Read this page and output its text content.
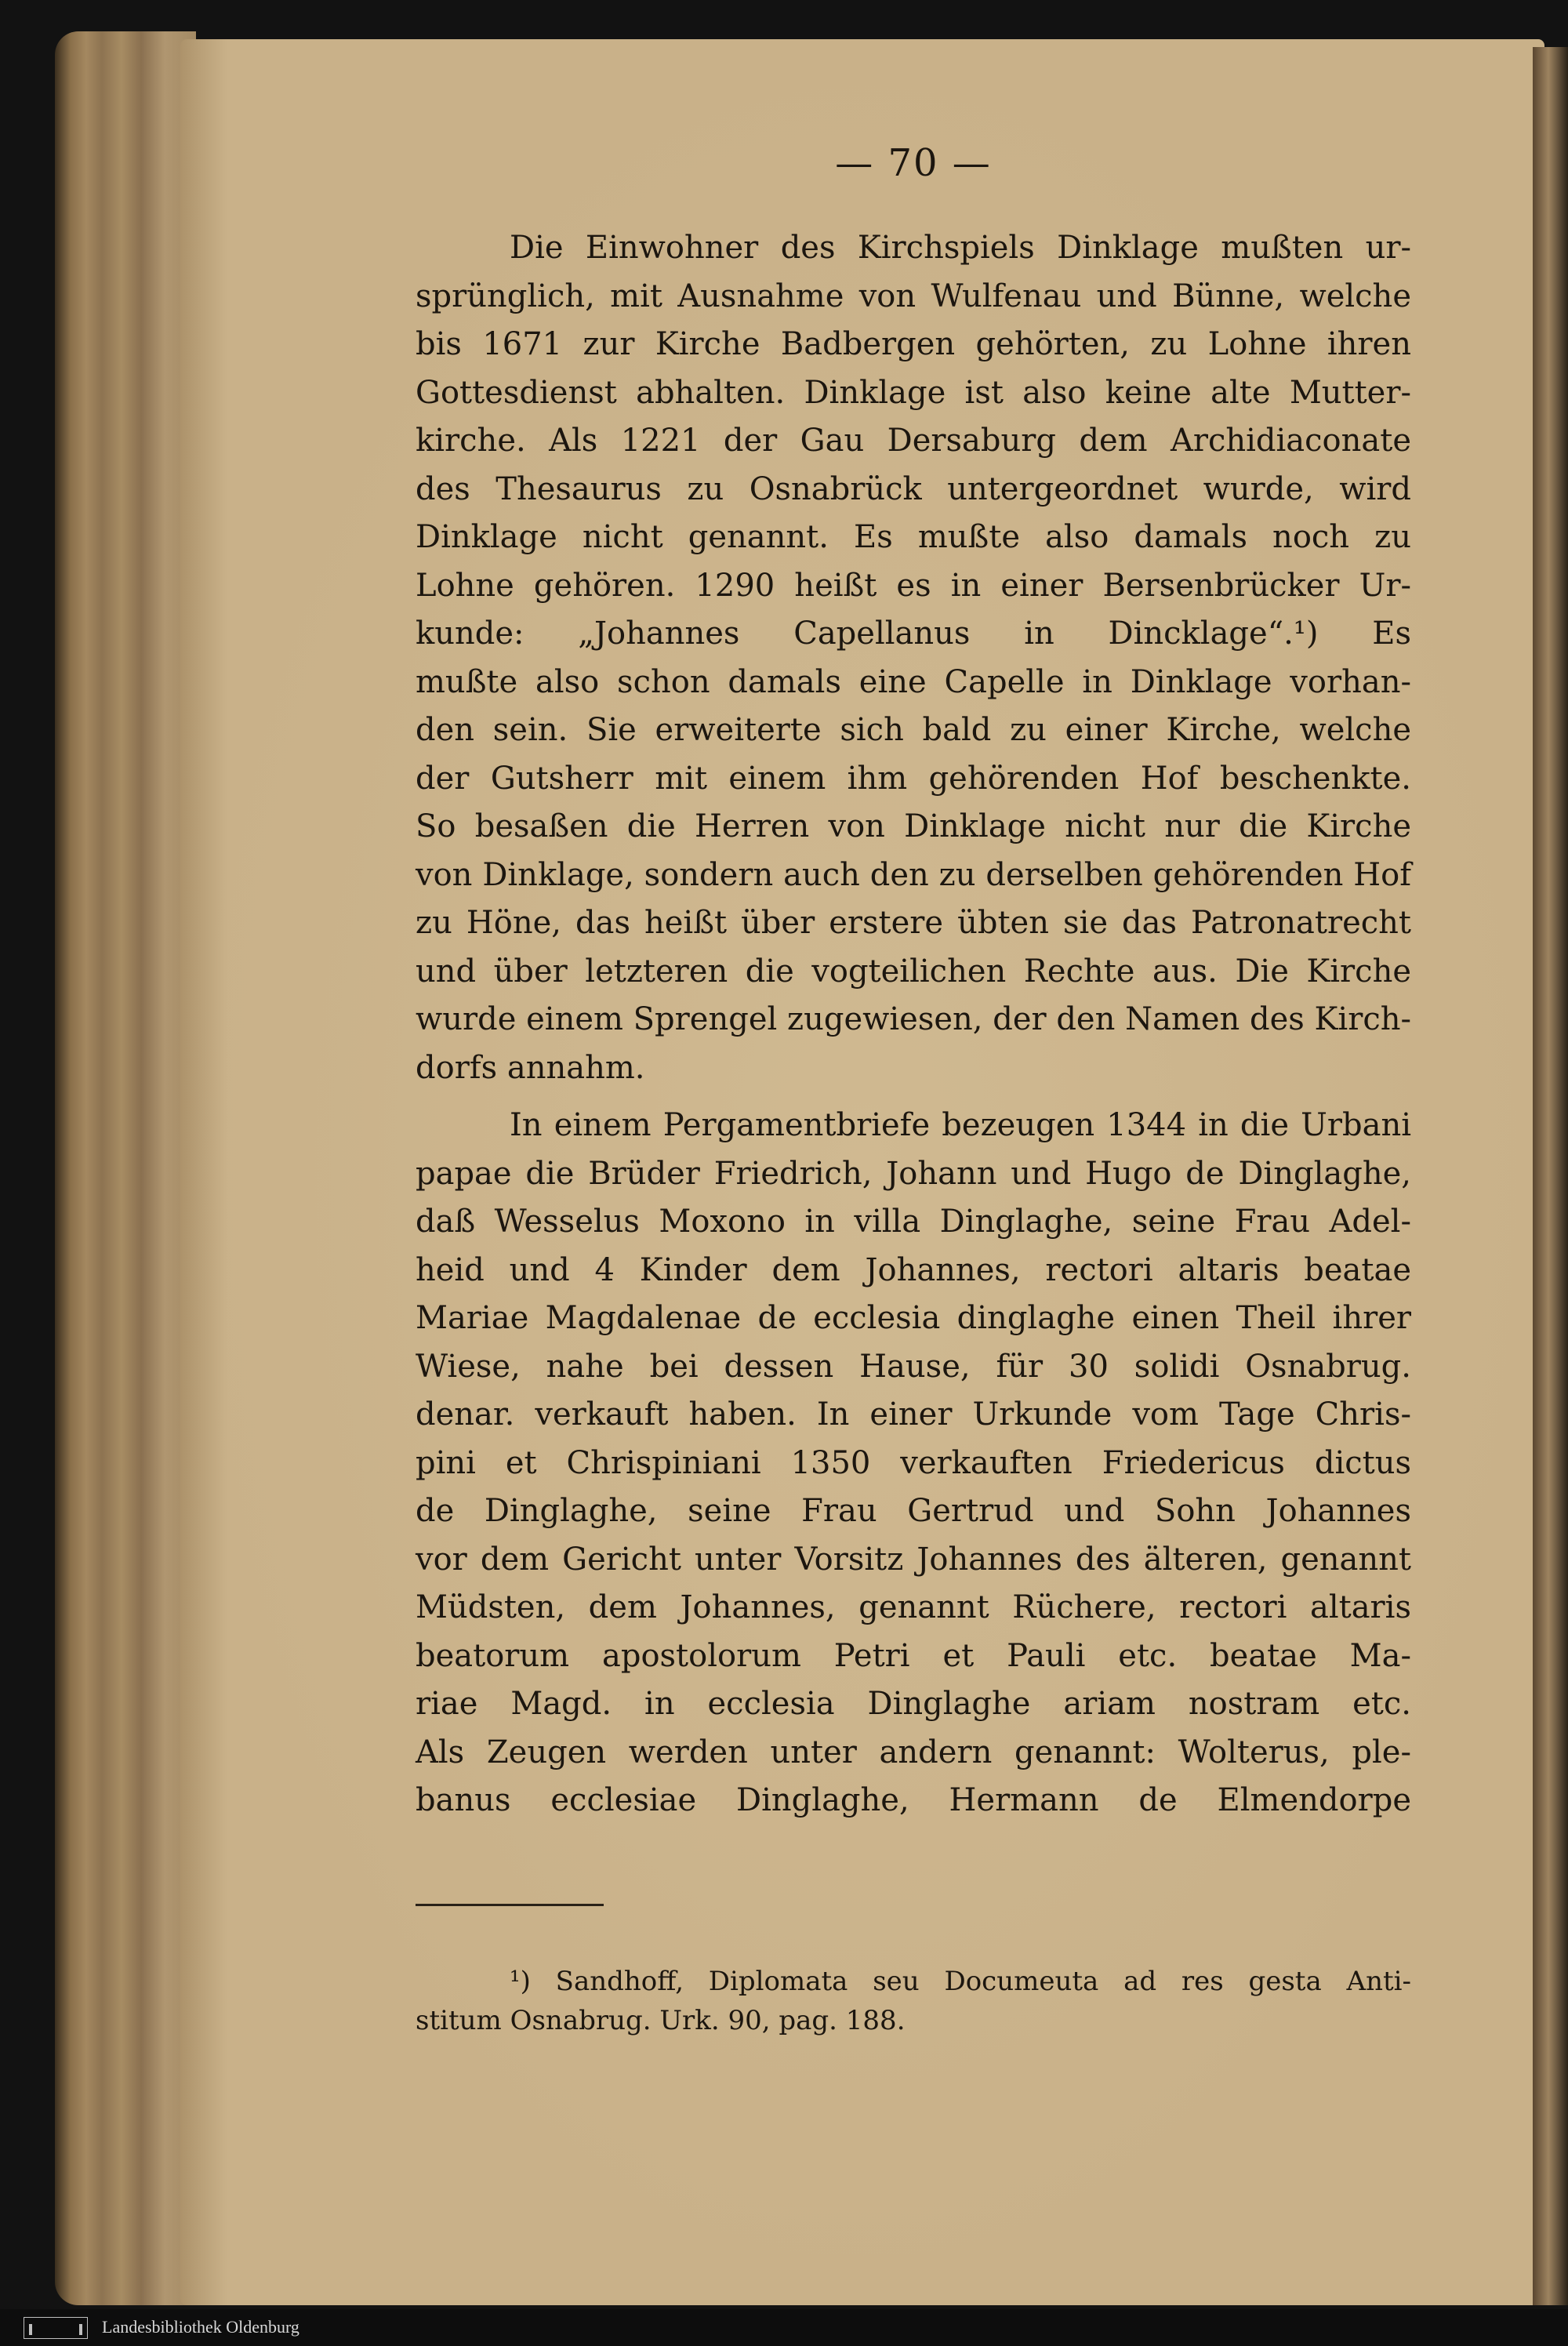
— 70 —
Die Einwohner des Kirchspiels Dinklage mußten ur-
sprünglich, mit Ausnahme von Wulfenau und Bünne, welche
bis 1671 zur Kirche Badbergen gehörten, zu Lohne ihren
Gottesdienst abhalten. Dinklage ist also keine alte Mutter-
kirche. Als 1221 der Gau Dersaburg dem Archidiaconate
des Thesaurus zu Osnabrück untergeordnet wurde, wird
Dinklage nicht genannt. Es mußte also damals noch zu
Lohne gehören. 1290 heißt es in einer Bersenbrücker Ur-
kunde: „Johannes Capellanus in Dincklage“.¹) Es
mußte also schon damals eine Capelle in Dinklage vorhan-
den sein. Sie erweiterte sich bald zu einer Kirche, welche
der Gutsherr mit einem ihm gehörenden Hof beschenkte.
So besaßen die Herren von Dinklage nicht nur die Kirche
von Dinklage, sondern auch den zu derselben gehörenden Hof
zu Höne, das heißt über erstere übten sie das Patronatrecht
und über letzteren die vogteilichen Rechte aus. Die Kirche
wurde einem Sprengel zugewiesen, der den Namen des Kirch-
dorfs annahm.
In einem Pergamentbriefe bezeugen 1344 in die Urbani
papae die Brüder Friedrich, Johann und Hugo de Dinglaghe,
daß Wesselus Moxono in villa Dinglaghe, seine Frau Adel-
heid und 4 Kinder dem Johannes, rectori altaris beatae
Mariae Magdalenae de ecclesia dinglaghe einen Theil ihrer
Wiese, nahe bei dessen Hause, für 30 solidi Osnabrug.
denar. verkauft haben. In einer Urkunde vom Tage Chris-
pini et Chrispiniani 1350 verkauften Friedericus dictus
de Dinglaghe, seine Frau Gertrud und Sohn Johannes
vor dem Gericht unter Vorsitz Johannes des älteren, genannt
Müdsten, dem Johannes, genannt Rüchere, rectori altaris
beatorum apostolorum Petri et Pauli etc. beatae Ma-
riae Magd. in ecclesia Dinglaghe ariam nostram etc.
Als Zeugen werden unter andern genannt: Wolterus, ple-
banus ecclesiae Dinglaghe, Hermann de Elmendorpe
¹) Sandhoff, Diplomata seu Documeuta ad res gesta Anti-
stitum Osnabrug. Urk. 90, pag. 188.
Landesbibliothek Oldenburg
